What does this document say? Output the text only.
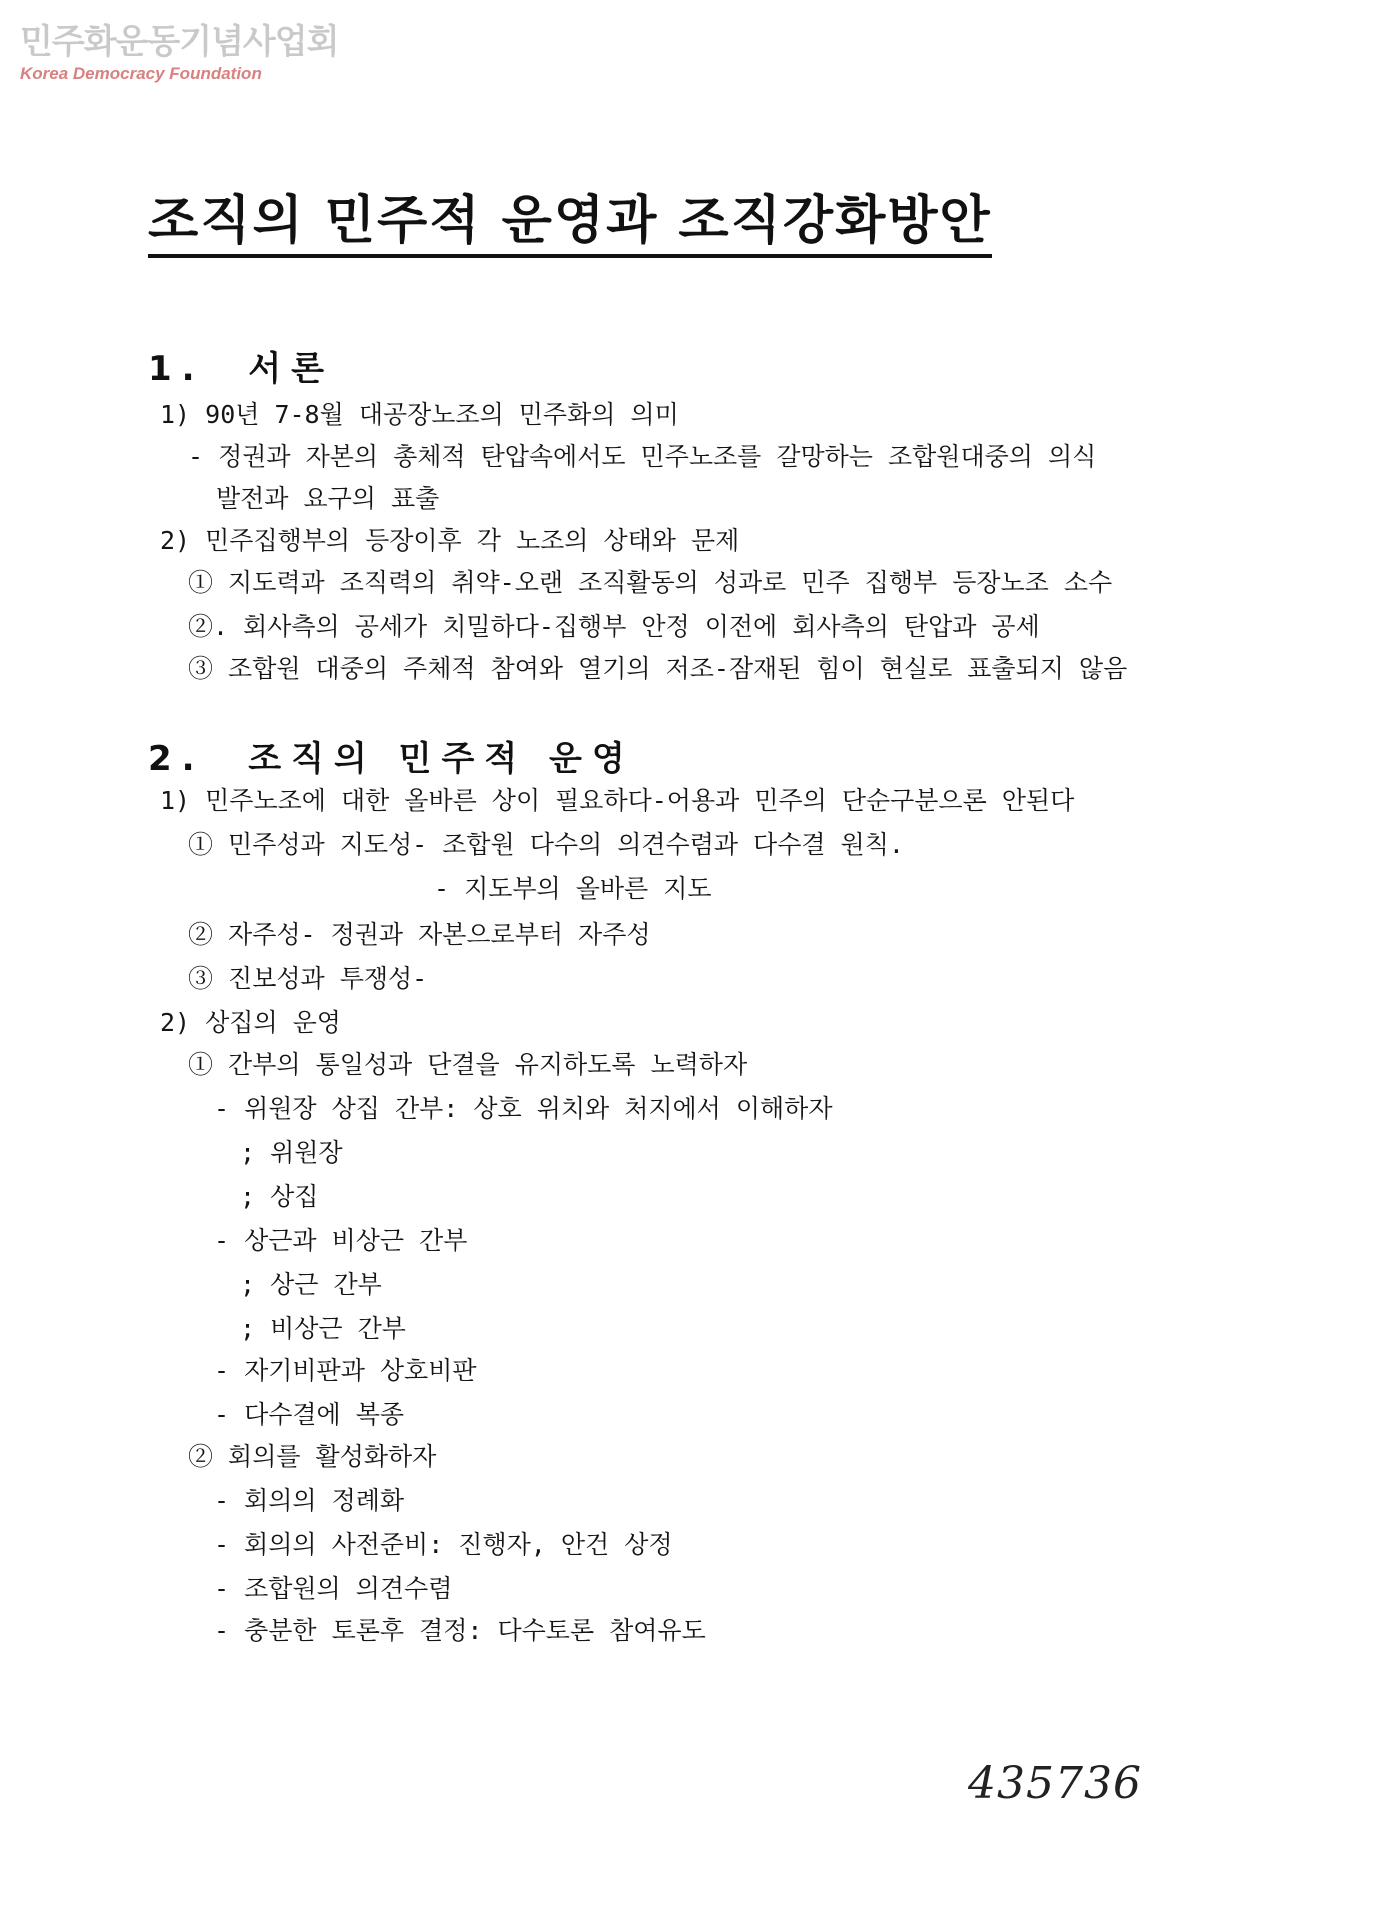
민주화운동기념사업회
Korea Democracy Foundation
조직의 민주적 운영과 조직강화방안
1.  서론
1) 90년 7-8월 대공장노조의 민주화의 의미
- 정권과 자본의 총체적 탄압속에서도 민주노조를 갈망하는 조합원대중의 의식
발전과 요구의 표출
2) 민주집행부의 등장이후 각 노조의 상태와 문제
① 지도력과 조직력의 취약-오랜 조직활동의 성과로 민주 집행부 등장노조 소수
②. 회사측의 공세가 치밀하다-집행부 안정 이전에 회사측의 탄압과 공세
③ 조합원 대중의 주체적 참여와 열기의 저조-잠재된 힘이 현실로 표출되지 않음
2.  조직의 민주적 운영
1) 민주노조에 대한 올바른 상이 필요하다-어용과 민주의 단순구분으론 안된다
① 민주성과 지도성- 조합원 다수의 의견수렴과 다수결 원칙.
- 지도부의 올바른 지도
② 자주성- 정권과 자본으로부터 자주성
③ 진보성과 투쟁성-
2) 상집의 운영
① 간부의 통일성과 단결을 유지하도록 노력하자
- 위원장 상집 간부: 상호 위치와 처지에서 이해하자
; 위원장
; 상집
- 상근과 비상근 간부
; 상근 간부
; 비상근 간부
- 자기비판과 상호비판
- 다수결에 복종
② 회의를 활성화하자
- 회의의 정례화
- 회의의 사전준비: 진행자, 안건 상정
- 조합원의 의견수렴
- 충분한 토론후 결정: 다수토론 참여유도
435736
